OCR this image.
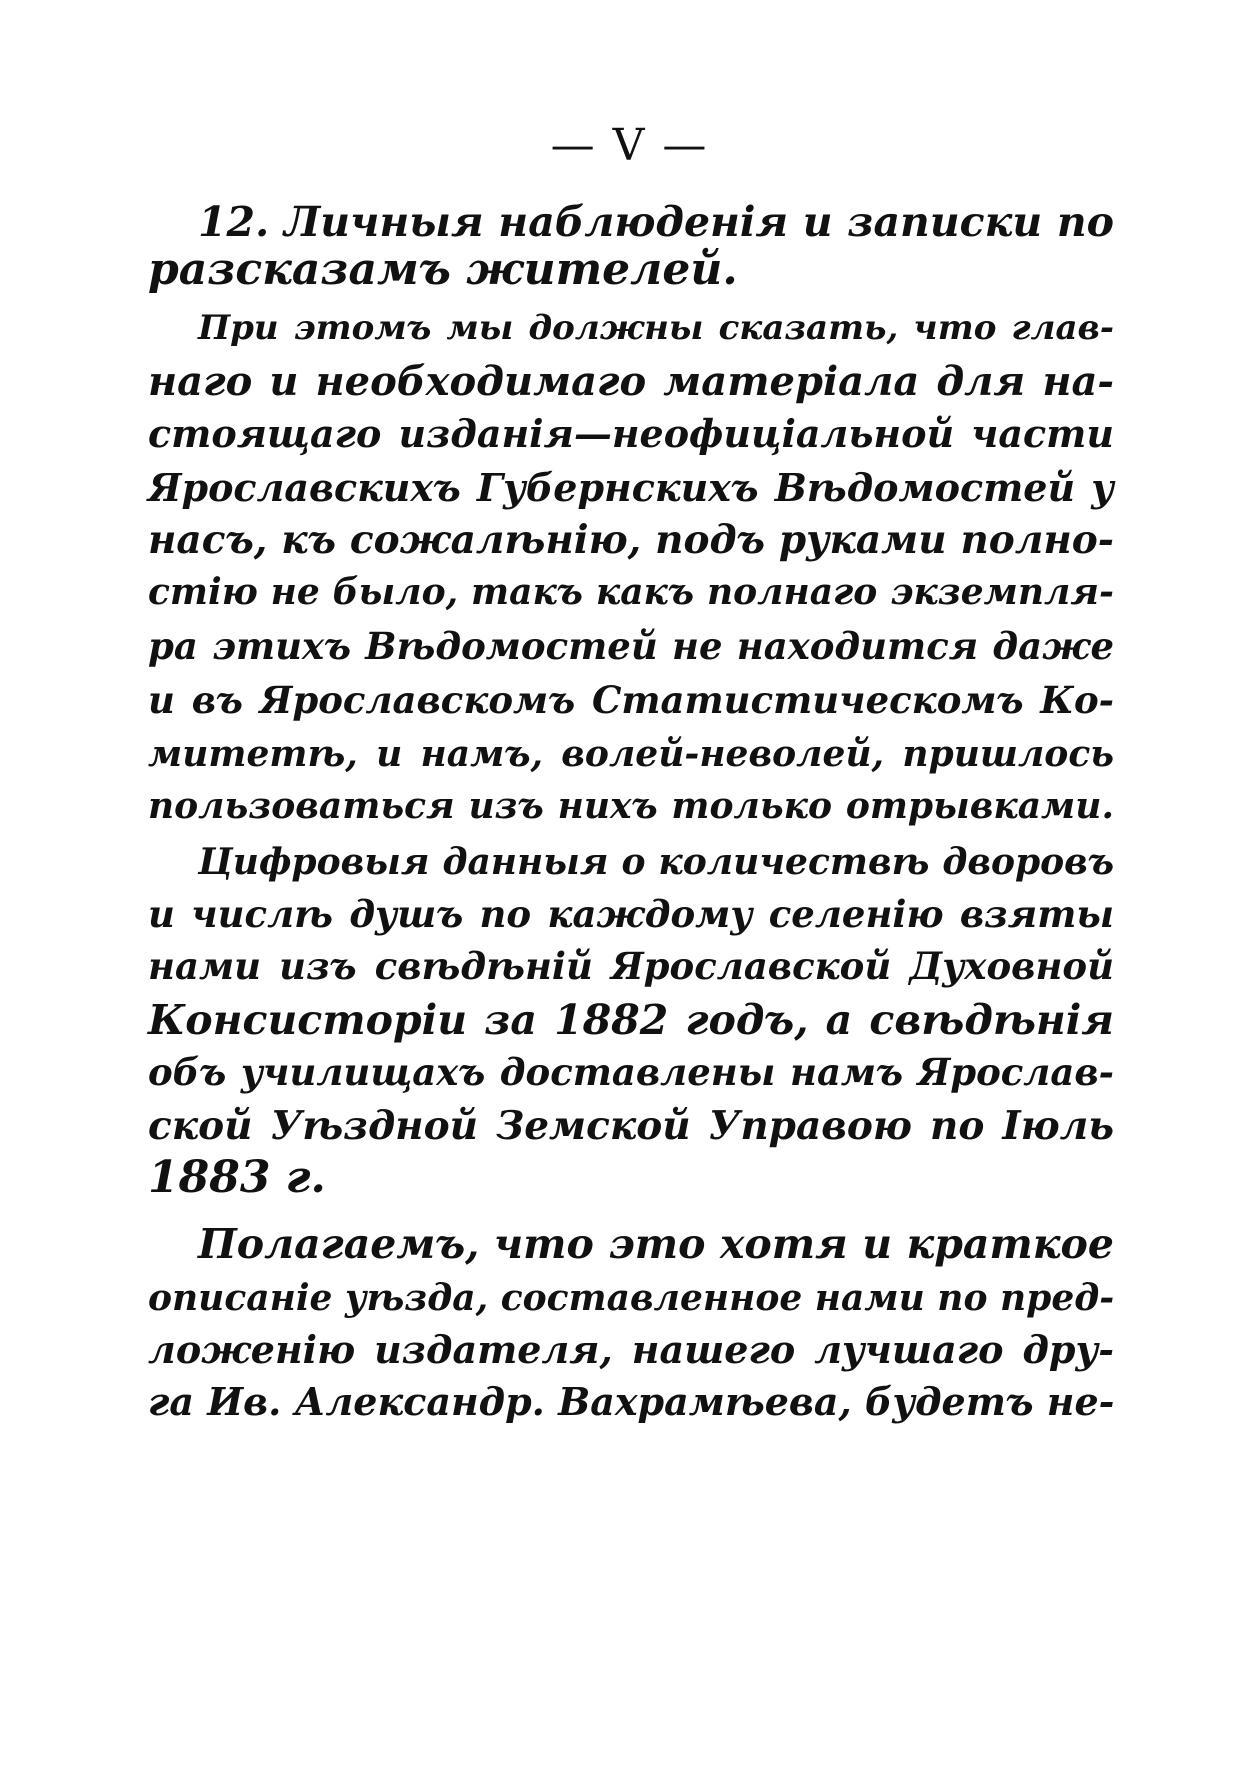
— V —
12. Личныя наблюденія и записки по
разсказамъ жителей.
При этомъ мы должны сказать, что глав-
наго и необходимаго матеріала для на-
стоящаго изданія—неофиціальной части
Ярославскихъ Губернскихъ Вѣдомостей у
насъ, къ сожалѣнію, подъ руками полно-
стію не было, такъ какъ полнаго экземпля-
ра этихъ Вѣдомостей не находится даже
и въ Ярославскомъ Статистическомъ Ко-
митетѣ, и намъ, волей-неволей, пришлось
пользоваться изъ нихъ только отрывками.
Цифровыя данныя о количествѣ дворовъ
и числѣ душъ по каждому селенію взяты
нами изъ свѣдѣній Ярославской Духовной
Консисторіи за 1882 годъ, а свѣдѣнія
объ училищахъ доставлены намъ Ярослав-
ской Уѣздной Земской Управою по Іюль
1883 г.
Полагаемъ, что это хотя и краткое
описаніе уѣзда, составленное нами по пред-
ложенію издателя, нашего лучшаго дру-
га Ив. Александр. Вахрамѣева, будетъ не-
